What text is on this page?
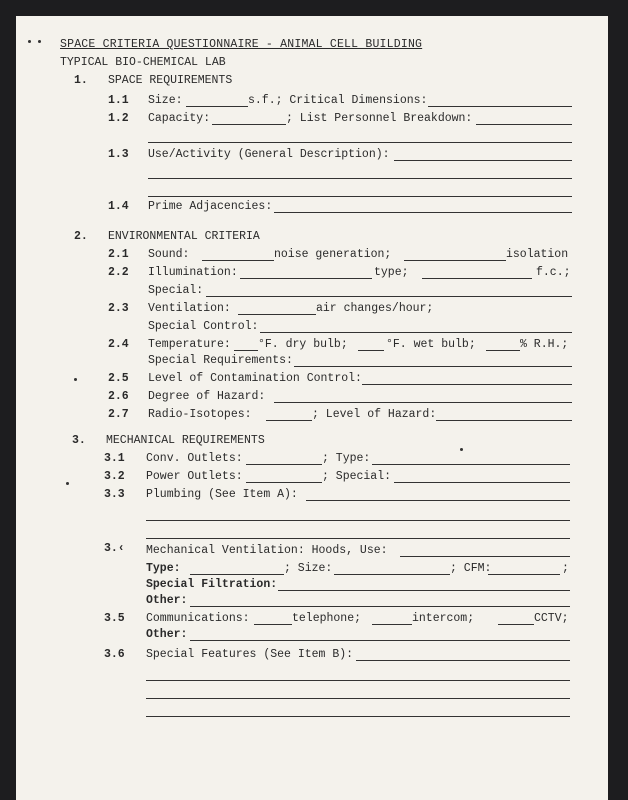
SPACE CRITERIA QUESTIONNAIRE - ANIMAL CELL BUILDING
TYPICAL BIO-CHEMICAL LAB
1. SPACE REQUIREMENTS
1.1 Size:	s.f.; Critical Dimensions:
1.2 Capacity:	; List Personnel Breakdown:
1.3 Use/Activity (General Description):
1.4 Prime Adjacencies:
2. ENVIRONMENTAL CRITERIA
2.1 Sound:	noise generation;	isolation
2.2 Illumination:	type;	f.c.;
Special:
2.3 Ventilation:	air changes/hour;
Special Control:
2.4 Temperature: °F. dry bulb;	°F. wet bulb;	% R.H.;
Special Requirements:
2.5 Level of Contamination Control:
2.6 Degree of Hazard:
2.7 Radio-Isotopes:	; Level of Hazard:
3. MECHANICAL REQUIREMENTS
3.1 Conv. Outlets:	; Type:
3.2 Power Outlets:	; Special:
3.3 Plumbing (See Item A):
3.‹ Mechanical Ventilation: Hoods, Use:
Type:	; Size:	; CFM:	;
Special Filtration:
Other:
3.5 Communications:	telephone;	intercom;	CCTV;
Other:
3.6 Special Features (See Item B):
